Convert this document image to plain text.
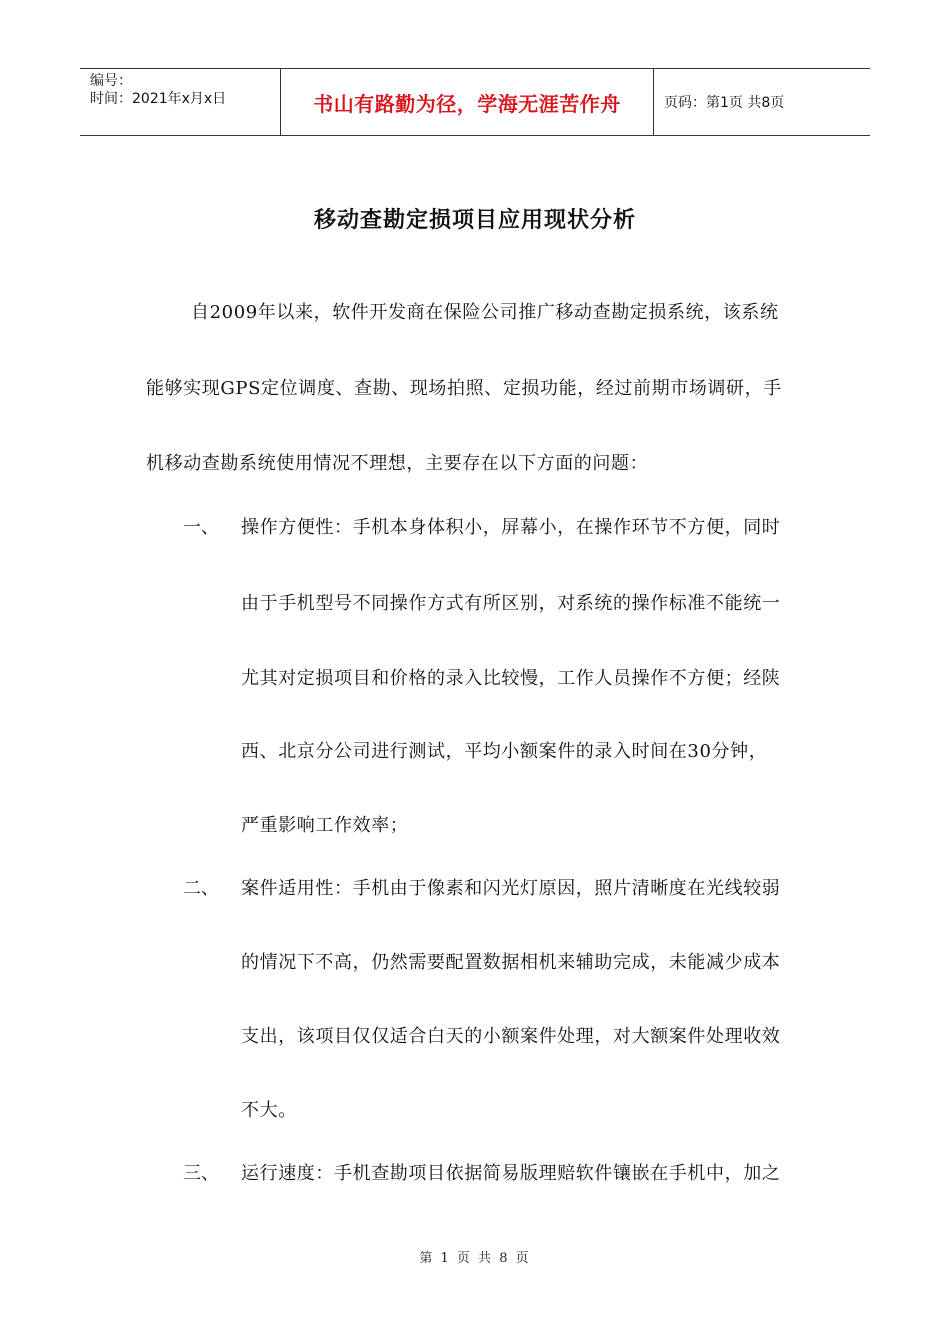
编号：
时间：2021年x月x日	书山有路勤为径，学海无涯苦作舟	页码：第1页 共8页
移动查勘定损项目应用现状分析
自2009年以来，软件开发商在保险公司推广移动查勘定损系统，该系统
能够实现GPS定位调度、查勘、现场拍照、定损功能，经过前期市场调研，手
机移动查勘系统使用情况不理想，主要存在以下方面的问题：
一、 操作方便性：手机本身体积小，屏幕小，在操作环节不方便，同时
由于手机型号不同操作方式有所区别，对系统的操作标准不能统一
尤其对定损项目和价格的录入比较慢，工作人员操作不方便；经陕
西、北京分公司进行测试，平均小额案件的录入时间在30分钟，
严重影响工作效率；
二、 案件适用性：手机由于像素和闪光灯原因，照片清晰度在光线较弱
的情况下不高，仍然需要配置数据相机来辅助完成，未能减少成本
支出，该项目仅仅适合白天的小额案件处理，对大额案件处理收效
不大。
三、 运行速度：手机查勘项目依据简易版理赔软件镶嵌在手机中，加之
第 1 页 共 8 页
